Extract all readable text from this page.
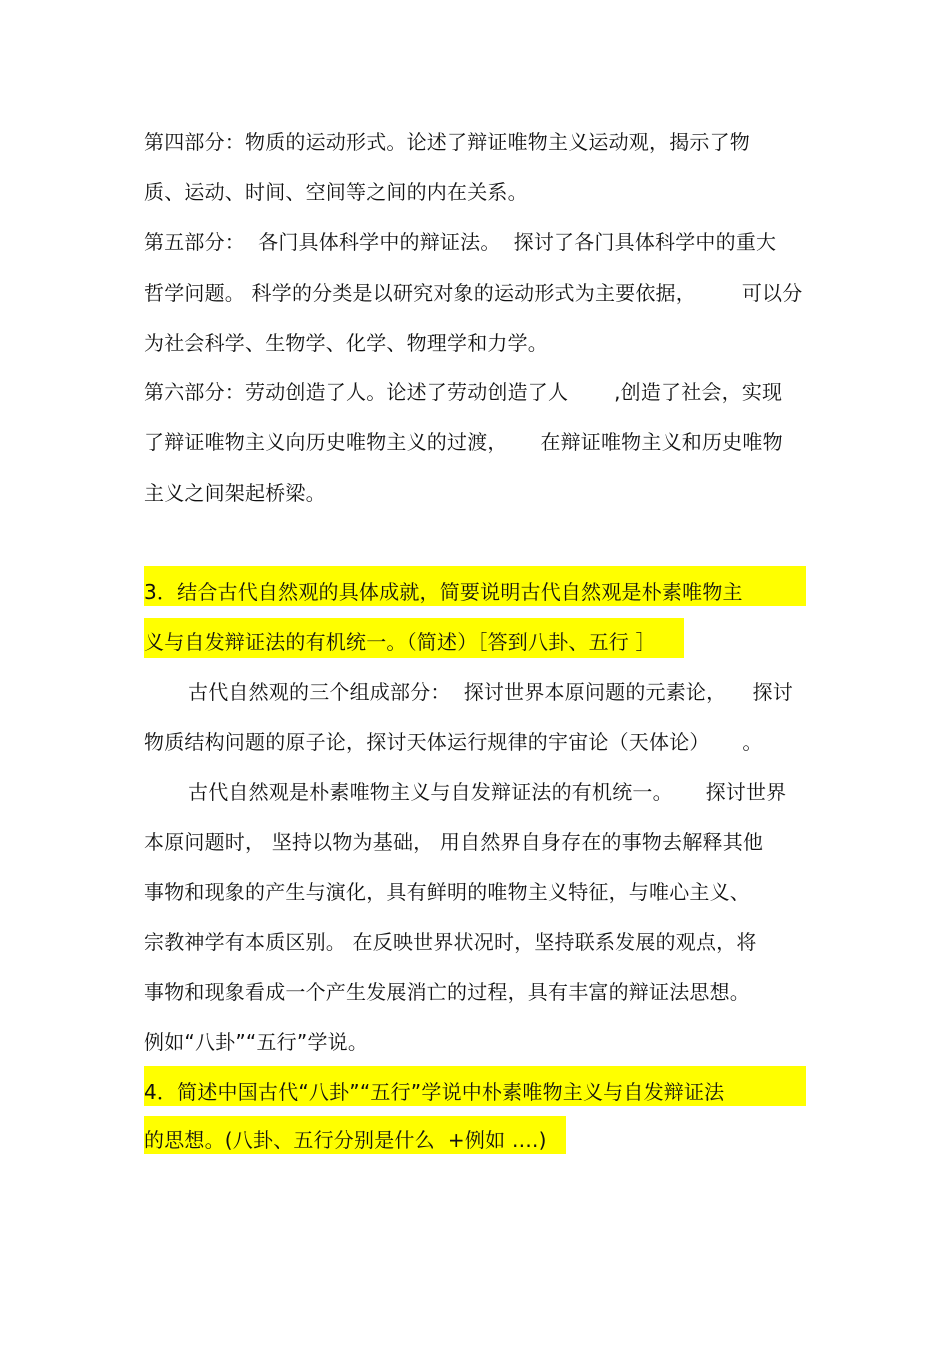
第四部分：物质的运动形式。论述了辩证唯物主义运动观，揭示了物
质、运动、时间、空间等之间的内在关系。
第五部分：  各门具体科学中的辩证法。  探讨了各门具体科学中的重大
哲学问题。 科学的分类是以研究对象的运动形式为主要依据，       可以分
为社会科学、生物学、化学、物理学和力学。
第六部分：劳动创造了人。论述了劳动创造了人       ,创造了社会，实现
了辩证唯物主义向历史唯物主义的过渡，     在辩证唯物主义和历史唯物
主义之间架起桥梁。
3．结合古代自然观的具体成就，简要说明古代自然观是朴素唯物主
义与自发辩证法的有机统一。（简述）［答到八卦、五行 ］
古代自然观的三个组成部分：  探讨世界本原问题的元素论，    探讨
物质结构问题的原子论，探讨天体运行规律的宇宙论（天体论）     。
古代自然观是朴素唯物主义与自发辩证法的有机统一。     探讨世界
本原问题时， 坚持以物为基础， 用自然界自身存在的事物去解释其他
事物和现象的产生与演化，具有鲜明的唯物主义特征，与唯心主义、
宗教神学有本质区别。 在反映世界状况时，坚持联系发展的观点，将
事物和现象看成一个产生发展消亡的过程，具有丰富的辩证法思想。
例如“八卦”“五行”学说。
4．简述中国古代“八卦”“五行”学说中朴素唯物主义与自发辩证法
的思想。(八卦、五行分别是什么  +例如 ….)
